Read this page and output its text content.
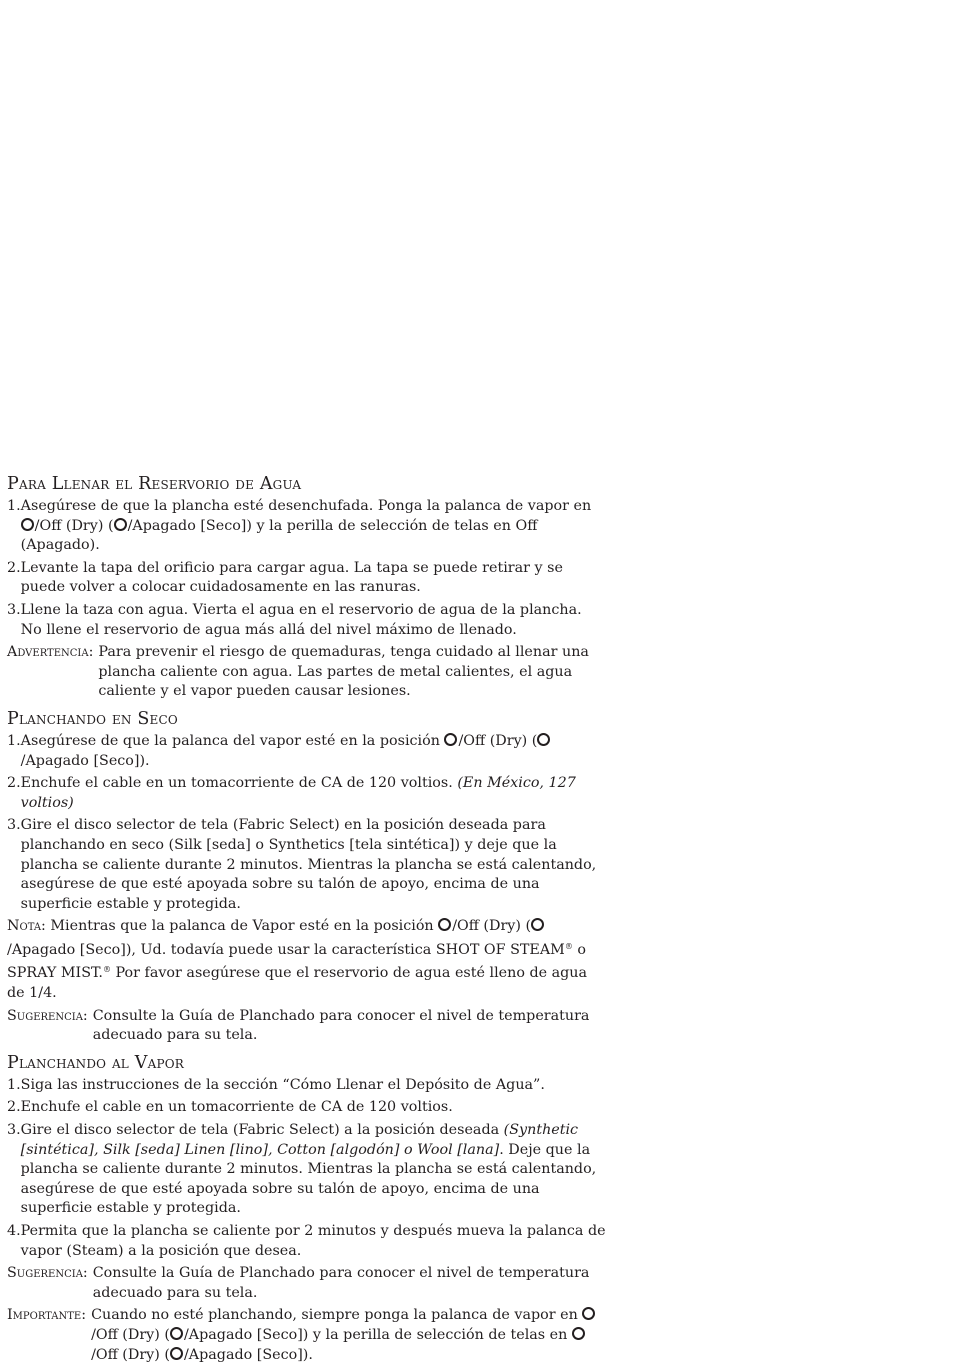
Para Llenar el Reservorio de Agua
1. Asegúrese de que la plancha esté desenchufada. Ponga la palanca de vapor en /Off (Dry) ( /Apagado [Seco]) y la perilla de selección de telas en Off (Apagado).
2. Levante la tapa del orificio para cargar agua. La tapa se puede retirar y se puede volver a colocar cuidadosamente en las ranuras.
3. Llene la taza con agua. Vierta el agua en el reservorio de agua de la plancha. No llene el reservorio de agua más allá del nivel máximo de llenado.
Advertencia: Para prevenir el riesgo de quemaduras, tenga cuidado al llenar una plancha caliente con agua. Las partes de metal calientes, el agua caliente y el vapor pueden causar lesiones.
Planchando en Seco
1. Asegúrese de que la palanca del vapor esté en la posición /Off (Dry) (/Apagado [Seco]).
2. Enchufe el cable en un tomacorriente de CA de 120 voltios. (En México, 127 voltios)
3. Gire el disco selector de tela (Fabric Select) en la posición deseada para planchando en seco (Silk [seda] o Synthetics [tela sintética]) y deje que la plancha se caliente durante 2 minutos. Mientras la plancha se está calentando, asegúrese de que esté apoyada sobre su talón de apoyo, encima de una superficie estable y protegida.
Nota: Mientras que la palanca de Vapor esté en la posición /Off (Dry) (/Apagado [Seco]), Ud. todavía puede usar la característica SHOT OF STEAM® o SPRAY MIST.® Por favor asegúrese que el reservorio de agua esté lleno de agua de 1/4.
Sugerencia: Consulte la Guía de Planchado para conocer el nivel de temperatura adecuado para su tela.
Planchando al Vapor
1. Siga las instrucciones de la sección “Cómo Llenar el Depósito de Agua”.
2. Enchufe el cable en un tomacorriente de CA de 120 voltios.
3. Gire el disco selector de tela (Fabric Select) a la posición deseada (Synthetic [sintética], Silk [seda] Linen [lino], Cotton [algodón] o Wool [lana]. Deje que la plancha se caliente durante 2 minutos. Mientras la plancha se está calentando, asegúrese de que esté apoyada sobre su talón de apoyo, encima de una superficie estable y protegida.
4. Permita que la plancha se caliente por 2 minutos y después mueva la palanca de vapor (Steam) a la posición que desea.
Sugerencia: Consulte la Guía de Planchado para conocer el nivel de temperatura adecuado para su tela.
Importante: Cuando no esté planchando, siempre ponga la palanca de vapor en /Off (Dry) ( /Apagado [Seco]) y la perilla de selección de telas en /Off (Dry) ( /Apagado [Seco]).
